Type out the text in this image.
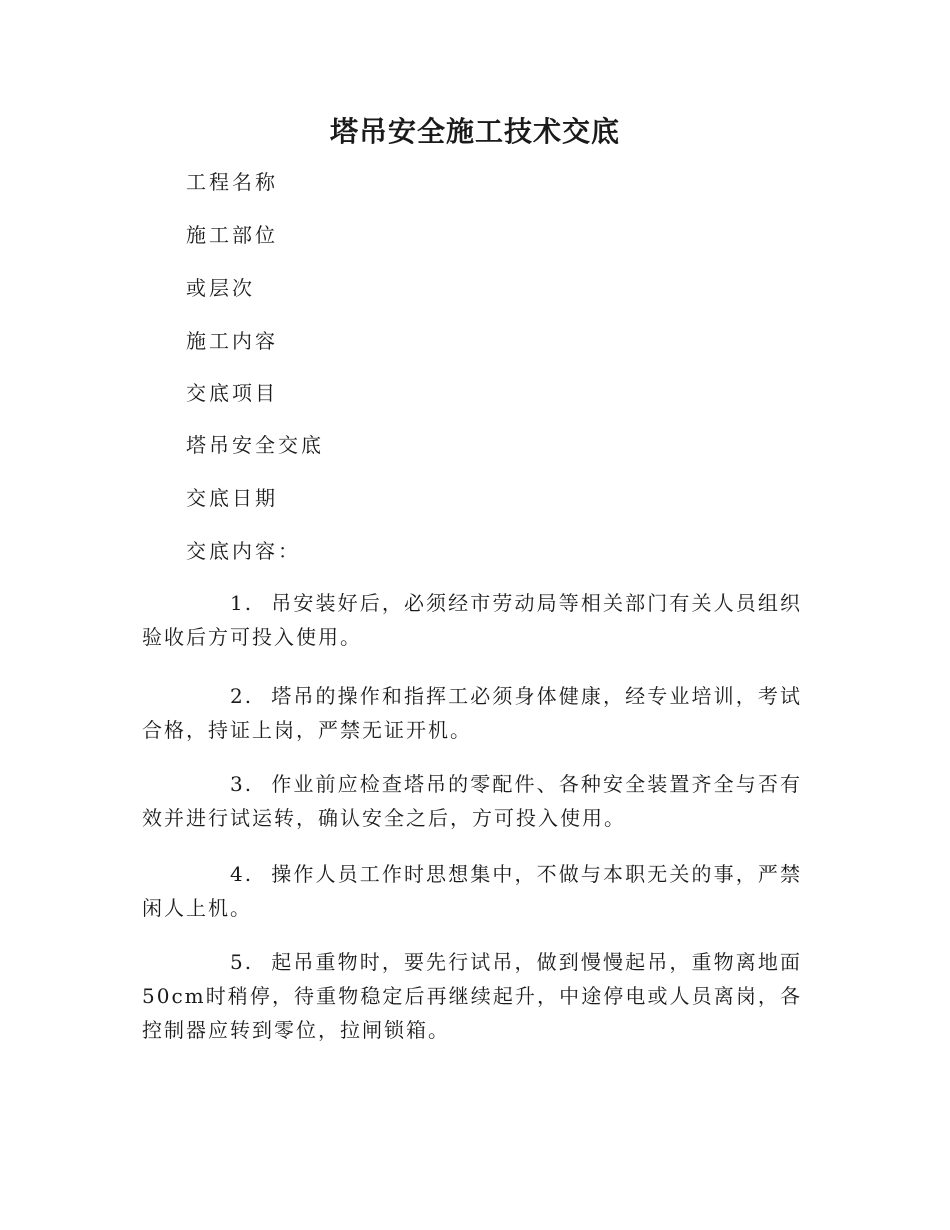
塔吊安全施工技术交底

工程名称

施工部位

或层次

施工内容

交底项目

塔吊安全交底

交底日期

交底内容：

1. 吊安装好后，必须经市劳动局等相关部门有关人员组织验收后方可投入使用。

2. 塔吊的操作和指挥工必须身体健康，经专业培训，考试合格，持证上岗，严禁无证开机。

3. 作业前应检查塔吊的零配件、各种安全装置齐全与否有效并进行试运转，确认安全之后，方可投入使用。

4. 操作人员工作时思想集中，不做与本职无关的事，严禁闲人上机。

5. 起吊重物时，要先行试吊，做到慢慢起吊，重物离地面50cm时稍停，待重物稳定后再继续起升，中途停电或人员离岗，各控制器应转到零位，拉闸锁箱。
